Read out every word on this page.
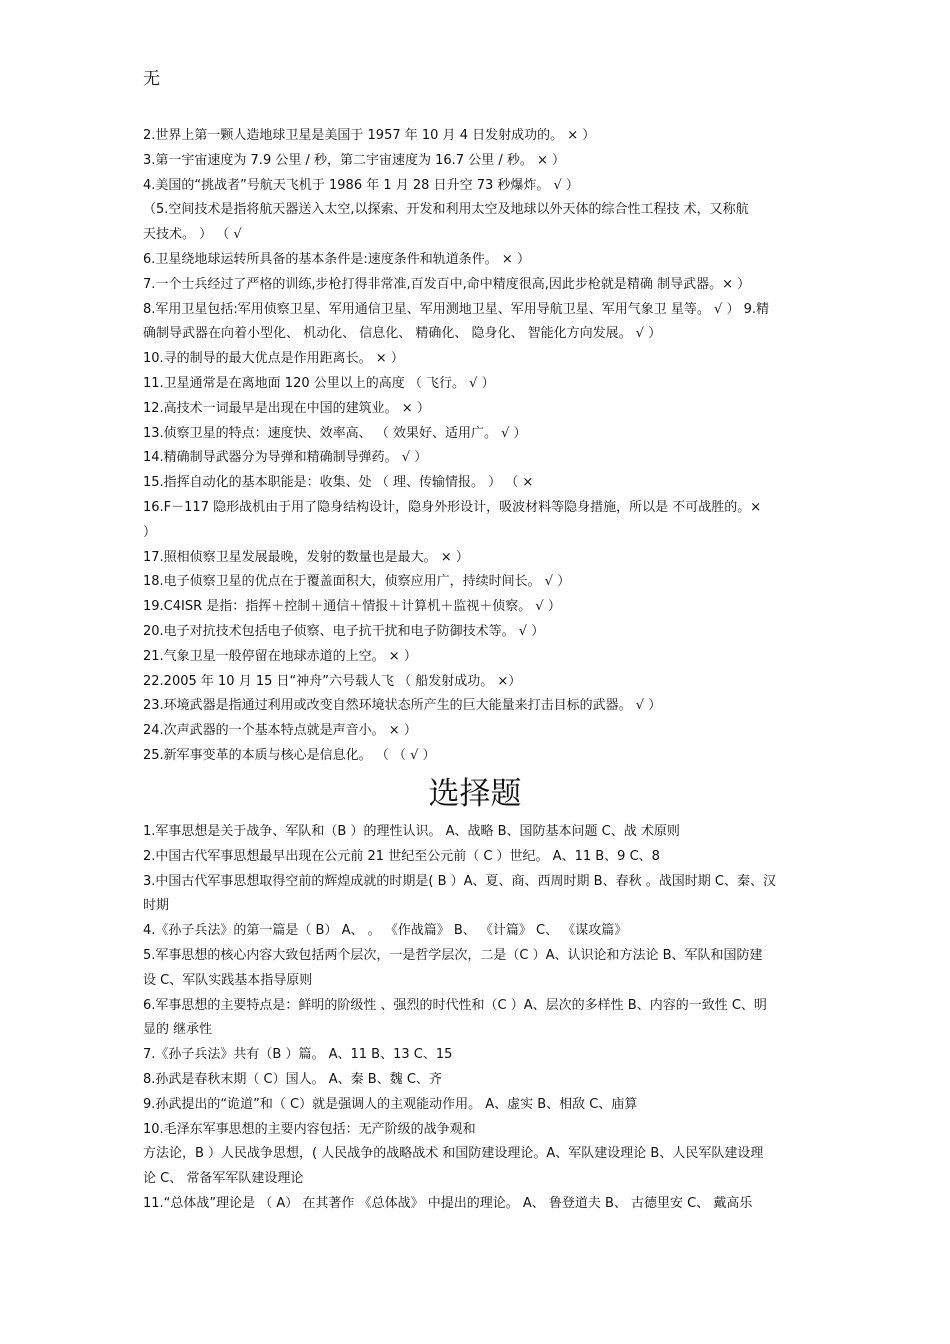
无
2.世界上第一颗人造地球卫星是美国于 1957 年 10 月 4 日发射成功的。 × ）
3.第一宇宙速度为 7.9 公里 / 秒，第二宇宙速度为 16.7 公里 / 秒。 × ）
4.美国的“挑战者”号航天飞机于 1986 年 1 月 28 日升空 73 秒爆炸。 √ ）
（5.空间技术是指将航天器送入太空,以探索、开发和利用太空及地球以外天体的综合性工程技 术，又称航
天技术。 ） （ √
6.卫星绕地球运转所具备的基本条件是:速度条件和轨道条件。 × ）
7.一个士兵经过了严格的训练,步枪打得非常准,百发百中,命中精度很高,因此步枪就是精确 制导武器。× ）
8.军用卫星包括:军用侦察卫星、军用通信卫星、军用测地卫星、军用导航卫星、军用气象卫 星等。 √ ） 9.精
确制导武器在向着小型化、 机动化、 信息化、 精确化、 隐身化、 智能化方向发展。 √ ）
10.寻的制导的最大优点是作用距离长。 × ）
11.卫星通常是在离地面 120 公里以上的高度 （ 飞行。 √ ）
12.高技术一词最早是出现在中国的建筑业。 × ）
13.侦察卫星的特点：速度快、效率高、 （ 效果好、适用广。 √ ）
14.精确制导武器分为导弹和精确制导弹药。 √ ）
15.指挥自动化的基本职能是：收集、处 （ 理、传输情报。 ） （ ×
16.F－117 隐形战机由于用了隐身结构设计，隐身外形设计，吸波材料等隐身措施，所以是 不可战胜的。×
）
17.照相侦察卫星发展最晚，发射的数量也是最大。 × ）
18.电子侦察卫星的优点在于覆盖面积大，侦察应用广，持续时间长。 √ ）
19.C4ISR 是指：指挥＋控制＋通信＋情报＋计算机＋监视＋侦察。 √ ）
20.电子对抗技术包括电子侦察、电子抗干扰和电子防御技术等。 √ ）
21.气象卫星一般停留在地球赤道的上空。 × ）
22.2005 年 10 月 15 日“神舟”六号载人飞 （ 船发射成功。 ×）
23.环境武器是指通过利用或改变自然环境状态所产生的巨大能量来打击目标的武器。 √ ）
24.次声武器的一个基本特点就是声音小。 × ）
25.新军事变革的本质与核心是信息化。 （ （ √ ）
选择题
1.军事思想是关于战争、军队和（B ）的理性认识。 A、战略 B、国防基本问题 C、战 术原则
2.中国古代军事思想最早出现在公元前 21 世纪至公元前（ C ）世纪。 A、11 B、9 C、8
3.中国古代军事思想取得空前的辉煌成就的时期是( B ）A、夏、商、西周时期 B、春秋 。战国时期 C、秦、汉
时期
4.《孙子兵法》的第一篇是（ B） A、 。 《作战篇》 B、 《计篇》 C、 《谋攻篇》
5.军事思想的核心内容大致包括两个层次，一是哲学层次，二是（C ）A、认识论和方法论 B、军队和国防建
设 C、军队实践基本指导原则
6.军事思想的主要特点是：鲜明的阶级性 、强烈的时代性和（C ）A、层次的多样性 B、内容的一致性 C、明
显的 继承性
7.《孙子兵法》共有（B ）篇。 A、11 B、13 C、15
8.孙武是春秋末期（ C）国人。 A、秦 B、魏 C、齐
9.孙武提出的“诡道”和（ C）就是强调人的主观能动作用。 A、虚实 B、相敌 C、庙算
10.毛泽东军事思想的主要内容包括：无产阶级的战争观和
方法论，B ）人民战争思想，( 人民战争的战略战术 和国防建设理论。A、军队建设理论 B、人民军队建设理
论 C、 常备军军队建设理论
11.“总体战”理论是 （ A） 在其著作 《总体战》 中提出的理论。 A、 鲁登道夫 B、 古德里安 C、 戴高乐
